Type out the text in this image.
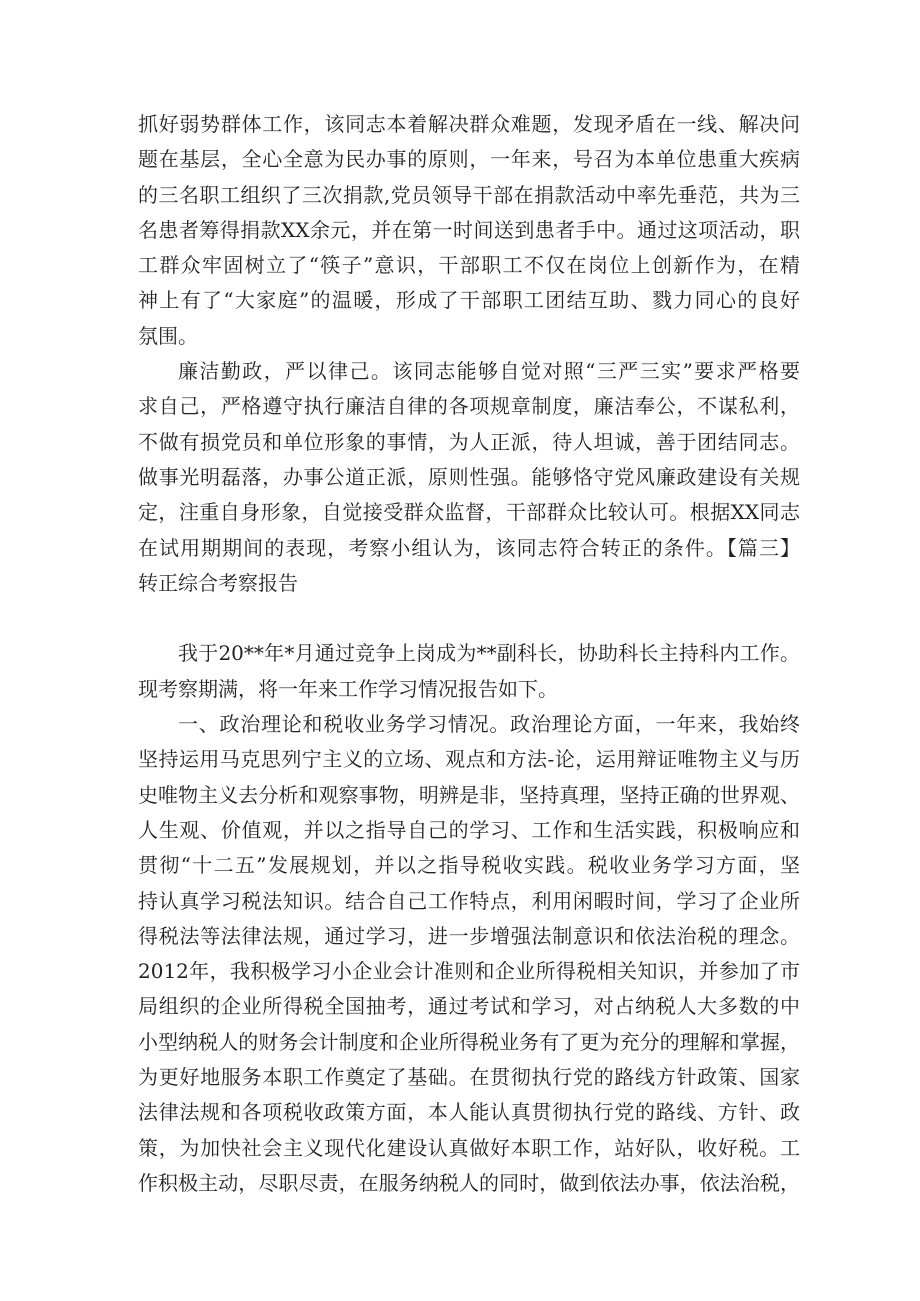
抓好弱势群体工作，该同志本着解决群众难题，发现矛盾在一线、解决问
题在基层，全心全意为民办事的原则，一年来，号召为本单位患重大疾病
的三名职工组织了三次捐款,党员领导干部在捐款活动中率先垂范，共为三
名患者筹得捐款XX余元，并在第一时间送到患者手中。通过这项活动，职
工群众牢固树立了“筷子”意识，干部职工不仅在岗位上创新作为，在精
神上有了“大家庭”的温暖，形成了干部职工团结互助、戮力同心的良好
氛围。
廉洁勤政，严以律己。该同志能够自觉对照“三严三实”要求严格要
求自己，严格遵守执行廉洁自律的各项规章制度，廉洁奉公，不谋私利，
不做有损党员和单位形象的事情，为人正派，待人坦诚，善于团结同志。
做事光明磊落，办事公道正派，原则性强。能够恪守党风廉政建设有关规
定，注重自身形象，自觉接受群众监督，干部群众比较认可。根据XX同志
在试用期期间的表现，考察小组认为，该同志符合转正的条件。【篇三】
转正综合考察报告
我于20**年*月通过竞争上岗成为**副科长，协助科长主持科内工作。
现考察期满，将一年来工作学习情况报告如下。
一、政治理论和税收业务学习情况。政治理论方面，一年来，我始终
坚持运用马克思列宁主义的立场、观点和方法-论，运用辩证唯物主义与历
史唯物主义去分析和观察事物，明辨是非，坚持真理，坚持正确的世界观、
人生观、价值观，并以之指导自己的学习、工作和生活实践，积极响应和
贯彻“十二五”发展规划，并以之指导税收实践。税收业务学习方面，坚
持认真学习税法知识。结合自己工作特点，利用闲暇时间，学习了企业所
得税法等法律法规，通过学习，进一步增强法制意识和依法治税的理念。
2012年，我积极学习小企业会计准则和企业所得税相关知识，并参加了市
局组织的企业所得税全国抽考，通过考试和学习，对占纳税人大多数的中
小型纳税人的财务会计制度和企业所得税业务有了更为充分的理解和掌握，
为更好地服务本职工作奠定了基础。在贯彻执行党的路线方针政策、国家
法律法规和各项税收政策方面，本人能认真贯彻执行党的路线、方针、政
策，为加快社会主义现代化建设认真做好本职工作，站好队，收好税。工
作积极主动，尽职尽责，在服务纳税人的同时，做到依法办事，依法治税，
